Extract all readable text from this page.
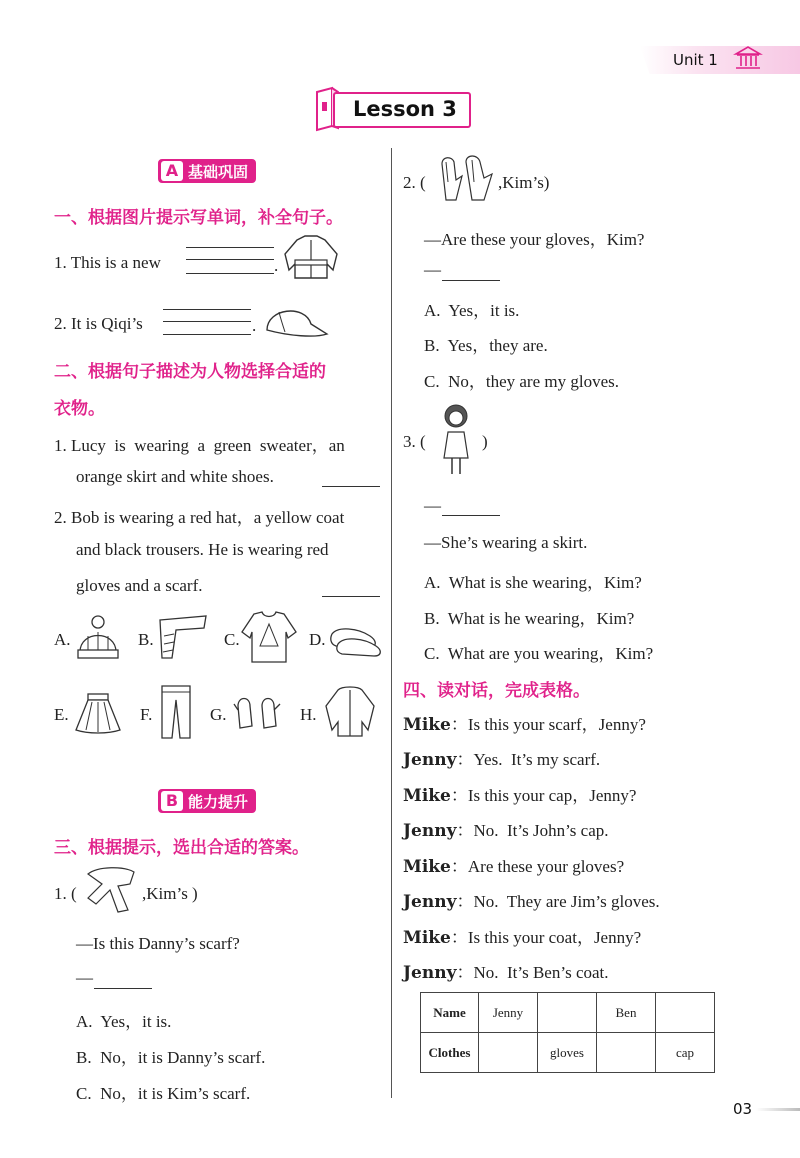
Unit 1
Lesson 3
A 基础巩固
一、根据图片提示写单词，补全句子。
1. This is a new	.
2. It is Qiqi’s	.
二、根据句子描述为人物选择合适的
衣物。
1. Lucy  is  wearing  a  green  sweater，an
orange skirt and white shoes.
2. Bob is wearing a red hat，a yellow coat
and black trousers. He is wearing red
gloves and a scarf.
A.	B.	C.	D.
E.	F.	G.	H.
B 能力提升
三、根据提示，选出合适的答案。
1. (	,Kim’s )
—Is this Danny’s scarf?
—
A.  Yes，it is.
B.  No，it is Danny’s scarf.
C.  No，it is Kim’s scarf.
2. (	,Kim’s)
—Are these your gloves，Kim?
—
A.  Yes，it is.
B.  Yes，they are.
C.  No，they are my gloves.
3. (	)
—
—She’s wearing a skirt.
A.  What is she wearing，Kim?
B.  What is he wearing，Kim?
C.  What are you wearing，Kim?
四、读对话，完成表格。
Mike：Is this your scarf，Jenny?
Jenny：Yes.  It’s my scarf.
Mike：Is this your cap，Jenny?
Jenny：No.  It’s John’s cap.
Mike：Are these your gloves?
Jenny：No.  They are Jim’s gloves.
Mike：Is this your coat，Jenny?
Jenny：No.  It’s Ben’s coat.
Name	Jenny		Ben	
Clothes		gloves		cap
03
